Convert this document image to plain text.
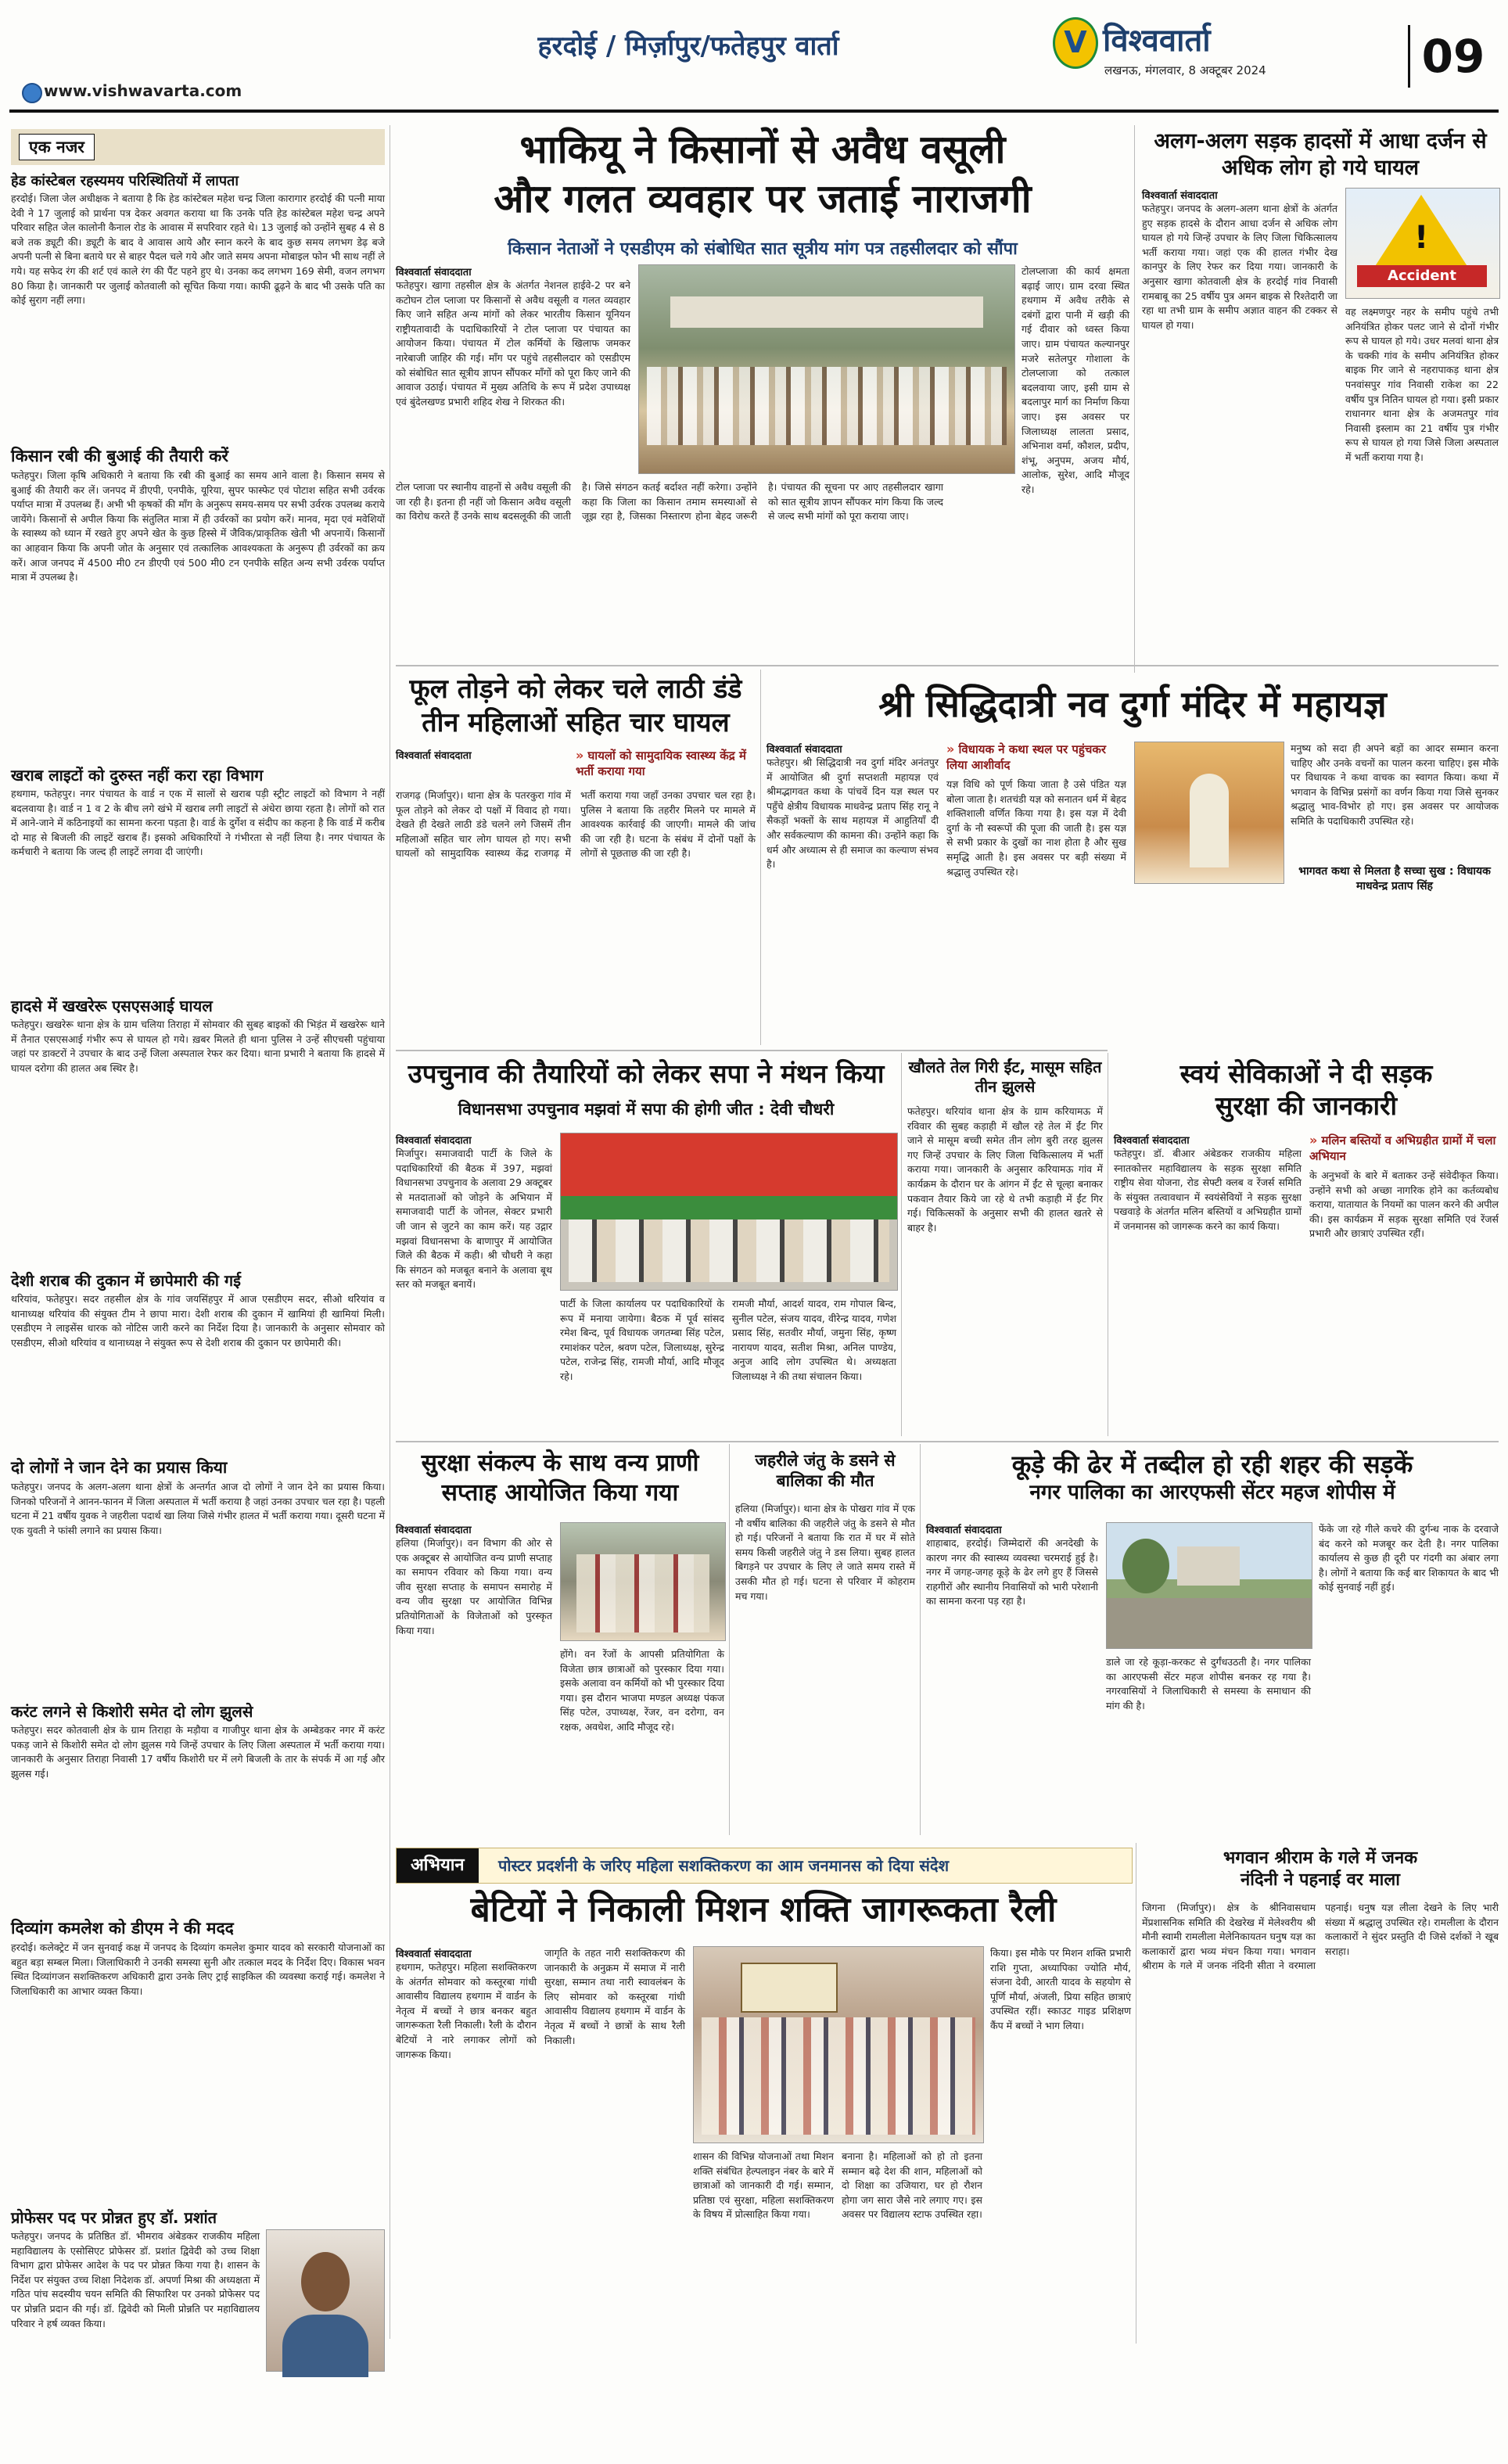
हरदोई / मिर्ज़ापुर/फतेहपुर वार्ता
www.vishwavarta.com
V विश्ववार्ता
लखनऊ, मंगलवार, 8 अक्टूबर 2024	09
एक नजर
हेड कांस्टेबल रहस्यमय परिस्थितियों में लापता
हरदोई। जिला जेल अधीक्षक ने बताया है कि हेड कांस्टेबल महेश चन्द्र जिला कारागार हरदोई की पत्नी माया देवी ने 17 जुलाई को प्रार्थना पत्र देकर अवगत कराया था कि उनके पति हेड कांस्टेबल महेश चन्द्र अपने परिवार सहित जेल कालोनी कैनाल रोड के आवास में सपरिवार रहते थे। 13 जुलाई को उन्होंने सुबह 4 से 8 बजे तक ड्यूटी की। ड्यूटी के बाद वे आवास आये और स्नान करने के बाद कुछ समय लगभग डेढ़ बजे अपनी पत्नी से बिना बताये घर से बाहर पैदल चले गये और जाते समय अपना मोबाइल फोन भी साथ नहीं ले गये। यह सफेद रंग की शर्ट एवं काले रंग की पैंट पहने हुए थे। उनका कद लगभग 169 सेमी, वजन लगभग 80 किग्रा है। जानकारी पर जुलाई कोतवाली को सूचित किया गया। काफी ढूढ़ने के बाद भी उसके पति का कोई सुराग नहीं लगा।
किसान रबी की बुआई की तैयारी करें
फतेहपुर। जिला कृषि अधिकारी ने बताया कि रबी की बुआई का समय आने वाला है। किसान समय से बुआई की तैयारी कर लें। जनपद में डीएपी, एनपीके, यूरिया, सुपर फास्फेट एवं पोटाश सहित सभी उर्वरक पर्याप्त मात्रा में उपलब्ध हैं। अभी भी कृषकों की माँग के अनुरूप समय-समय पर सभी उर्वरक उपलब्ध कराये जायेंगे। किसानों से अपील किया कि संतुलित मात्रा में ही उर्वरकों का प्रयोग करें। मानव, मृदा एवं मवेशियों के स्वास्थ्य को ध्यान में रखते हुए अपने खेत के कुछ हिस्से में जैविक/प्राकृतिक खेती भी अपनायें। किसानों का आहवान किया कि अपनी जोत के अनुसार एवं तत्कालिक आवश्यकता के अनुरूप ही उर्वरकों का क्रय करें। आज जनपद में 4500 मी0 टन डीएपी एवं 500 मी0 टन एनपीके सहित अन्य सभी उर्वरक पर्याप्त मात्रा में उपलब्ध है।
खराब लाइटों को दुरुस्त नहीं करा रहा विभाग
हथगाम, फतेहपुर। नगर पंचायत के वार्ड न एक में सालों से खराब पड़ी स्ट्रीट लाइटों को विभाग ने नहीं बदलवाया है। वार्ड न 1 व 2 के बीच लगे खंभे में खराब लगी लाइटों से अंधेरा छाया रहता है। लोगों को रात में आने-जाने में कठिनाइयों का सामना करना पड़ता है। वार्ड के दुर्गेश व संदीप का कहना है कि वार्ड में करीब दो माह से बिजली की लाइटें खराब हैं। इसको अधिकारियों ने गंभीरता से नहीं लिया है। नगर पंचायत के कर्मचारी ने बताया कि जल्द ही लाइटें लगवा दी जाएंगी।
हादसे में खखरेरू एसएसआई घायल
फतेहपुर। खखरेरू थाना क्षेत्र के ग्राम चलिया तिराहा में सोमवार की सुबह बाइकों की भिड़ंत में खखरेरू थाने में तैनात एसएसआई गंभीर रूप से घायल हो गये। ख़बर मिलते ही थाना पुलिस ने उन्हें सीएचसी पहुंचाया जहां पर डाक्टरों ने उपचार के बाद उन्हें जिला अस्पताल रेफर कर दिया। थाना प्रभारी ने बताया कि हादसे में घायल दरोगा की हालत अब स्थिर है।
देशी शराब की दुकान में छापेमारी की गई
थरियांव, फतेहपुर। सदर तहसील क्षेत्र के गांव जयसिंहपुर में आज एसडीएम सदर, सीओ थरियांव व थानाध्यक्ष थरियांव की संयुक्त टीम ने छापा मारा। देशी शराब की दुकान में खामियां ही खामियां मिली। एसडीएम ने लाइसेंस धारक को नोटिस जारी करने का निर्देश दिया है। जानकारी के अनुसार सोमवार को एसडीएम, सीओ थरियांव व थानाध्यक्ष ने संयुक्त रूप से देशी शराब की दुकान पर छापेमारी की।
दो लोगों ने जान देने का प्रयास किया
फतेहपुर। जनपद के अलग-अलग थाना क्षेत्रों के अन्तर्गत आज दो लोगों ने जान देने का प्रयास किया। जिनको परिजनों ने आनन-फानन में जिला अस्पताल में भर्ती कराया है जहां उनका उपचार चल रहा है। पहली घटना में 21 वर्षीय युवक ने जहरीला पदार्थ खा लिया जिसे गंभीर हालत में भर्ती कराया गया। दूसरी घटना में एक युवती ने फांसी लगाने का प्रयास किया।
करंट लगने से किशोरी समेत दो लोग झुलसे
फतेहपुर। सदर कोतवाली क्षेत्र के ग्राम तिराहा के मड़ौया व गाजीपुर थाना क्षेत्र के अम्बेडकर नगर में करंट पकड़ जाने से किशोरी समेत दो लोग झुलस गये जिन्हें उपचार के लिए जिला अस्पताल में भर्ती कराया गया। जानकारी के अनुसार तिराहा निवासी 17 वर्षीय किशोरी घर में लगे बिजली के तार के संपर्क में आ गई और झुलस गई।
दिव्यांग कमलेश को डीएम ने की मदद
हरदोई। कलेक्ट्रेट में जन सुनवाई कक्ष में जनपद के दिव्यांग कमलेश कुमार यादव को सरकारी योजनाओं का बहुत बड़ा सम्बल मिला। जिलाधिकारी ने उनकी समस्या सुनी और तत्काल मदद के निर्देश दिए। विकास भवन स्थित दिव्यांगजन सशक्तिकरण अधिकारी द्वारा उनके लिए ट्राई साइकिल की व्यवस्था कराई गई। कमलेश ने जिलाधिकारी का आभार व्यक्त किया।
प्रोफेसर पद पर प्रोन्नत हुए डॉ. प्रशांत
फतेहपुर। जनपद के प्रतिष्ठित डॉ. भीमराव अंबेडकर राजकीय महिला महाविद्यालय के एसोसिएट प्रोफेसर डॉ. प्रशांत द्विवेदी को उच्च शिक्षा विभाग द्वारा प्रोफेसर आदेश के पद पर प्रोन्नत किया गया है। शासन के निर्देश पर संयुक्त उच्च शिक्षा निदेशक डॉ. अपर्णा मिश्रा की अध्यक्षता में गठित पांच सदस्यीय चयन समिति की सिफारिश पर उनको प्रोफेसर पद पर प्रोन्नति प्रदान की गई। डॉ. द्विवेदी को मिली प्रोन्नति पर महाविद्यालय परिवार ने हर्ष व्यक्त किया।
भाकियू ने किसानों से अवैध वसूली
और गलत व्यवहार पर जताई नाराजगी
किसान नेताओं ने एसडीएम को संबोधित सात सूत्रीय मांग पत्र तहसीलदार को सौंपा
विश्ववार्ता संवाददाता
फतेहपुर। खागा तहसील क्षेत्र के अंतर्गत नेशनल हाईवे-2 पर बने कटोघन टोल प्लाजा पर किसानों से अवैध वसूली व गलत व्यवहार किए जाने सहित अन्य मांगों को लेकर भारतीय किसान यूनियन राष्ट्रीयतावादी के पदाधिकारियों ने टोल प्लाजा पर पंचायत का आयोजन किया। पंचायत में टोल कर्मियों के खिलाफ जमकर नारेबाजी जाहिर की गई। माँग पर पहुंचे तहसीलदार को एसडीएम को संबोधित सात सूत्रीय ज्ञापन सौंपकर माँगों को पूरा किए जाने की आवाज उठाई। पंचायत में मुख्य अतिथि के रूप में प्रदेश उपाध्यक्ष एवं बुंदेलखण्ड प्रभारी शहिद शेख ने शिरकत की।
टोलप्लाजा की कार्य क्षमता बढ़ाई जाए। ग्राम दरवा स्थित हथगाम में अवैध तरीके से दबंगों द्वारा पानी में खड़ी की गई दीवार को ध्वस्त किया जाए। ग्राम पंचायत कल्यानपुर मजरे सतेलपुर गोशाला के टोलप्लाजा को तत्काल बदलवाया जाए, इसी ग्राम से बदलापुर मार्ग का निर्माण किया जाए। इस अवसर पर जिलाध्यक्ष लालता प्रसाद, अभिनाश वर्मा, कौशल, प्रदीप, शंभू, अनुपम, अजय मौर्य, आलोक, सुरेश, आदि मौजूद रहे।
टोल प्लाजा पर स्थानीय वाहनों से अवैध वसूली की जा रही है। इतना ही नहीं जो किसान अवैध वसूली का विरोध करते हैं उनके साथ बदसलूकी की जाती है। जिसे संगठन कतई बर्दाश्त नहीं करेगा। उन्होंने कहा कि जिला का किसान तमाम समस्याओं से जूझ रहा है, जिसका निस्तारण होना बेहद जरूरी है। पंचायत की सूचना पर आए तहसीलदार खागा को सात सूत्रीय ज्ञापन सौंपकर मांग किया कि जल्द से जल्द सभी मांगों को पूरा कराया जाए।
अलग-अलग सड़क हादसों में आधा दर्जन से अधिक लोग हो गये घायल
विश्ववार्ता संवाददाता
फतेहपुर। जनपद के अलग-अलग थाना क्षेत्रों के अंतर्गत हुए सड़क हादसे के दौरान आधा दर्जन से अधिक लोग घायल हो गये जिन्हें उपचार के लिए जिला चिकित्सालय भर्ती कराया गया। जहां एक की हालत गंभीर देख कानपुर के लिए रेफर कर दिया गया। जानकारी के अनुसार खागा कोतवाली क्षेत्र के हरदोई गांव निवासी रामबाबू का 25 वर्षीय पुत्र अमन बाइक से रिश्तेदारी जा रहा था तभी ग्राम के समीप अज्ञात वाहन की टक्कर से घायल हो गया।
!
Accident
वह लक्ष्मणपुर नहर के समीप पहुंचे तभी अनियंत्रित होकर पलट जाने से दोनों गंभीर रूप से घायल हो गये। उधर मलवां थाना क्षेत्र के चक्की गांव के समीप अनियंत्रित होकर बाइक गिर जाने से नहरापाकड़ थाना क्षेत्र पनवांसपुर गांव निवासी राकेश का 22 वर्षीय पुत्र नितिन घायल हो गया। इसी प्रकार राधानगर थाना क्षेत्र के अजमतपुर गांव निवासी इस्लाम का 21 वर्षीय पुत्र गंभीर रूप से घायल हो गया जिसे जिला अस्पताल में भर्ती कराया गया है।
फूल तोड़ने को लेकर चले लाठी डंडे
तीन महिलाओं सहित चार घायल
विश्ववार्ता संवाददाता	» घायलों को सामुदायिक स्वास्थ्य केंद्र में भर्ती कराया गया
राजगढ़ (मिर्जापुर)। थाना क्षेत्र के पतरकुरा गांव में फूल तोड़ने को लेकर दो पक्षों में विवाद हो गया। देखते ही देखते लाठी डंडे चलने लगे जिसमें तीन महिलाओं सहित चार लोग घायल हो गए। सभी घायलों को सामुदायिक स्वास्थ्य केंद्र राजगढ़ में भर्ती कराया गया जहाँ उनका उपचार चल रहा है। पुलिस ने बताया कि तहरीर मिलने पर मामले में आवश्यक कार्रवाई की जाएगी। मामले की जांच की जा रही है। घटना के संबंध में दोनों पक्षों के लोगों से पूछताछ की जा रही है।
श्री सिद्धिदात्री नव दुर्गा मंदिर में महायज्ञ
विश्ववार्ता संवाददाता
फतेहपुर। श्री सिद्धिदात्री नव दुर्गा मंदिर अनंतपुर में आयोजित श्री दुर्गा सप्तशती महायज्ञ एवं श्रीमद्भागवत कथा के पांचवें दिन यज्ञ स्थल पर पहुँचे क्षेत्रीय विधायक माधवेन्द्र प्रताप सिंह रानू ने सैकड़ों भक्तों के साथ महायज्ञ में आहुतियाँ दी और सर्वकल्याण की कामना की। उन्होंने कहा कि धर्म और अध्यात्म से ही समाज का कल्याण संभव है।
» विधायक ने कथा स्थल पर पहुंचकर लिया आशीर्वाद
यज्ञ विधि को पूर्ण किया जाता है उसे पंडित यज्ञ बोला जाता है। शतचंडी यज्ञ को सनातन धर्म में बेहद शक्तिशाली वर्णित किया गया है। इस यज्ञ में देवी दुर्गा के नौ स्वरूपों की पूजा की जाती है। इस यज्ञ से सभी प्रकार के दुखों का नाश होता है और सुख समृद्धि आती है। इस अवसर पर बड़ी संख्या में श्रद्धालु उपस्थित रहे।
मनुष्य को सदा ही अपने बड़ों का आदर सम्मान करना चाहिए और उनके वचनों का पालन करना चाहिए। इस मौके पर विधायक ने कथा वाचक का स्वागत किया। कथा में भगवान के विभिन्न प्रसंगों का वर्णन किया गया जिसे सुनकर श्रद्धालु भाव-विभोर हो गए। इस अवसर पर आयोजक समिति के पदाधिकारी उपस्थित रहे।
भागवत कथा से मिलता है सच्चा सुख : विधायक माधवेन्द्र प्रताप सिंह
उपचुनाव की तैयारियों को लेकर सपा ने मंथन किया
विधानसभा उपचुनाव मझवां में सपा की होगी जीत : देवी चौधरी
विश्ववार्ता संवाददाता
मिर्जापुर। समाजवादी पार्टी के जिले के पदाधिकारियों की बैठक में 397, मझवां विधानसभा उपचुनाव के अलावा 29 अक्टूबर से मतदाताओं को जोड़ने के अभियान में समाजवादी पार्टी के जोनल, सेक्टर प्रभारी जी जान से जुटने का काम करें। यह उद्गार मझवां विधानसभा के बाणापुर में आयोजित जिले की बैठक में कही। श्री चौधरी ने कहा कि संगठन को मजबूत बनाने के अलावा बूथ स्तर को मजबूत बनायें।
पार्टी के जिला कार्यालय पर पदाधिकारियों के रूप में मनाया जायेगा। बैठक में पूर्व सांसद रमेश बिन्द, पूर्व विधायक जगतम्बा सिंह पटेल, रमाशंकर पटेल, श्रवण पटेल, जिलाध्यक्ष, सुरेन्द्र पटेल, राजेन्द्र सिंह, रामजी मौर्या, आदि मौजूद रहे।
रामजी मौर्या, आदर्श यादव, राम गोपाल बिन्द, सुनील पटेल, संजय यादव, वीरेन्द्र यादव, गणेश प्रसाद सिंह, सतवीर मौर्या, जमुना सिंह, कृष्ण नारायण यादव, सतीश मिश्रा, अनिल पाण्डेय, अनुज आदि लोग उपस्थित थे। अध्यक्षता जिलाध्यक्ष ने की तथा संचालन किया।
खौलते तेल गिरी ईंट, मासूम सहित तीन झुलसे
फतेहपुर। थरियांव थाना क्षेत्र के ग्राम करियामऊ में रविवार की सुबह कड़ाही में खौल रहे तेल में ईंट गिर जाने से मासूम बच्ची समेत तीन लोग बुरी तरह झुलस गए जिन्हें उपचार के लिए जिला चिकित्सालय में भर्ती कराया गया। जानकारी के अनुसार करियामऊ गांव में कार्यक्रम के दौरान घर के आंगन में ईंट से चूल्हा बनाकर पकवान तैयार किये जा रहे थे तभी कड़ाही में ईंट गिर गई। चिकित्सकों के अनुसार सभी की हालत खतरे से बाहर है।
स्वयं सेविकाओं ने दी सड़क
सुरक्षा की जानकारी
विश्ववार्ता संवाददाता
फतेहपुर। डॉ. बीआर अंबेडकर राजकीय महिला स्नातकोत्तर महाविद्यालय के सड़क सुरक्षा समिति राष्ट्रीय सेवा योजना, रोड सेफ्टी क्लब व रेंजर्स समिति के संयुक्त तत्वावधान में स्वयंसेवियों ने सड़क सुरक्षा पखवाड़े के अंतर्गत मलिन बस्तियों व अभिग्रहीत ग्रामों में जनमानस को जागरूक करने का कार्य किया।
» मलिन बस्तियों व अभिग्रहीत ग्रामों में चला अभियान
के अनुभवों के बारे में बताकर उन्हें संवेदीकृत किया। उन्होंने सभी को अच्छा नागरिक होने का कर्तव्यबोध कराया, यातायात के नियमों का पालन करने की अपील की। इस कार्यक्रम में सड़क सुरक्षा समिति एवं रेंजर्स प्रभारी और छात्राएं उपस्थित रहीं।
सुरक्षा संकल्प के साथ वन्य प्राणी
सप्ताह आयोजित किया गया
विश्ववार्ता संवाददाता
हलिया (मिर्जापुर)। वन विभाग की ओर से एक अक्टूबर से आयोजित वन्य प्राणी सप्ताह का समापन रविवार को किया गया। वन्य जीव सुरक्षा सप्ताह के समापन समारोह में वन्य जीव सुरक्षा पर आयोजित विभिन्न प्रतियोगिताओं के विजेताओं को पुरस्कृत किया गया।
होंगे। वन रेंजों के आपसी प्रतियोगिता के विजेता छात्र छात्राओं को पुरस्कार दिया गया। इसके अलावा वन कर्मियों को भी पुरस्कार दिया गया। इस दौरान भाजपा मण्डल अध्यक्ष पंकज सिंह पटेल, उपाध्यक्ष, रेंजर, वन दरोगा, वन रक्षक, अवधेश, आदि मौजूद रहे।
जहरीले जंतु के डसने से बालिका की मौत
हलिया (मिर्जापुर)। थाना क्षेत्र के पोखरा गांव में एक नौ वर्षीय बालिका की जहरीले जंतु के डसने से मौत हो गई। परिजनों ने बताया कि रात में घर में सोते समय किसी जहरीले जंतु ने डस लिया। सुबह हालत बिगड़ने पर उपचार के लिए ले जाते समय रास्ते में उसकी मौत हो गई। घटना से परिवार में कोहराम मच गया।
कूड़े की ढेर में तब्दील हो रही शहर की सड़कें
नगर पालिका का आरएफसी सेंटर महज शोपीस में
विश्ववार्ता संवाददाता
शाहाबाद, हरदोई। जिम्मेदारों की अनदेखी के कारण नगर की स्वास्थ्य व्यवस्था चरमराई हुई है। नगर में जगह-जगह कूड़े के ढेर लगे हुए हैं जिससे राहगीरों और स्थानीय निवासियों को भारी परेशानी का सामना करना पड़ रहा है।
डाले जा रहे कूड़ा-करकट से दुर्गंधउठती है। नगर पालिका का आरएफसी सेंटर महज शोपीस बनकर रह गया है। नगरवासियों ने जिलाधिकारी से समस्या के समाधान की मांग की है।
फेंके जा रहे गीले कचरे की दुर्गन्ध नाक के दरवाजे बंद करने को मजबूर कर देती है। नगर पालिका कार्यालय से कुछ ही दूरी पर गंदगी का अंबार लगा है। लोगों ने बताया कि कई बार शिकायत के बाद भी कोई सुनवाई नहीं हुई।
अभियान	पोस्टर प्रदर्शनी के जरिए महिला सशक्तिकरण का आम जनमानस को दिया संदेश
बेटियों ने निकाली मिशन शक्ति जागरूकता रैली
विश्ववार्ता संवाददाता
हथगाम, फतेहपुर। महिला सशक्तिकरण के अंतर्गत सोमवार को कस्तूरबा गांधी आवासीय विद्यालय हथगाम में वार्डन के नेतृत्व में बच्चों ने छात्र बनकर बहुत जागरूकता रैली निकाली। रैली के दौरान बेटियों ने नारे लगाकर लोगों को जागरूक किया।
जागृति के तहत नारी सशक्तिकरण की जानकारी के अनुक्रम में समाज में नारी सुरक्षा, सम्मान तथा नारी स्वावलंबन के लिए सोमवार को कस्तूरबा गांधी आवासीय विद्यालय हथगाम में वार्डन के नेतृत्व में बच्चों ने छात्रों के साथ रैली निकाली।
शासन की विभिन्न योजनाओं तथा मिशन शक्ति संबंधित हेल्पलाइन नंबर के बारे में छात्राओं को जानकारी दी गई। सम्मान, प्रतिष्ठा एवं सुरक्षा, महिला सशक्तिकरण के विषय में प्रोत्साहित किया गया।
बनाना है। महिलाओं को हो तो इतना सम्मान बढ़े देश की शान, महिलाओं को दो शिक्षा का उजियारा, घर हो रौशन होगा जग सारा जैसे नारे लगाए गए। इस अवसर पर विद्यालय स्टाफ उपस्थित रहा।
किया। इस मौके पर मिशन शक्ति प्रभारी राशि गुप्ता, अध्यापिका ज्योति मौर्य, संजना देवी, आरती यादव के सहयोग से पूर्णि मौर्या, अंजली, प्रिया सहित छात्राएं उपस्थित रहीं। स्काउट गाइड प्रशिक्षण कैंप में बच्चों ने भाग लिया।
भगवान श्रीराम के गले में जनक
नंदिनी ने पहनाई वर माला
जिगना (मिर्जापुर)। क्षेत्र के श्रीनिवासधाम मेंप्रशासनिक समिति की देखरेख में मेलेश्वरीय श्री मौनी स्वामी रामलीला मेलेनिकायतन घनुष यज्ञ का कलाकारों द्वारा भव्य मंचन किया गया। भगवान श्रीराम के गले में जनक नंदिनी सीता ने वरमाला पहनाई। धनुष यज्ञ लीला देखने के लिए भारी संख्या में श्रद्धालु उपस्थित रहे। रामलीला के दौरान कलाकारों ने सुंदर प्रस्तुति दी जिसे दर्शकों ने खूब सराहा।
